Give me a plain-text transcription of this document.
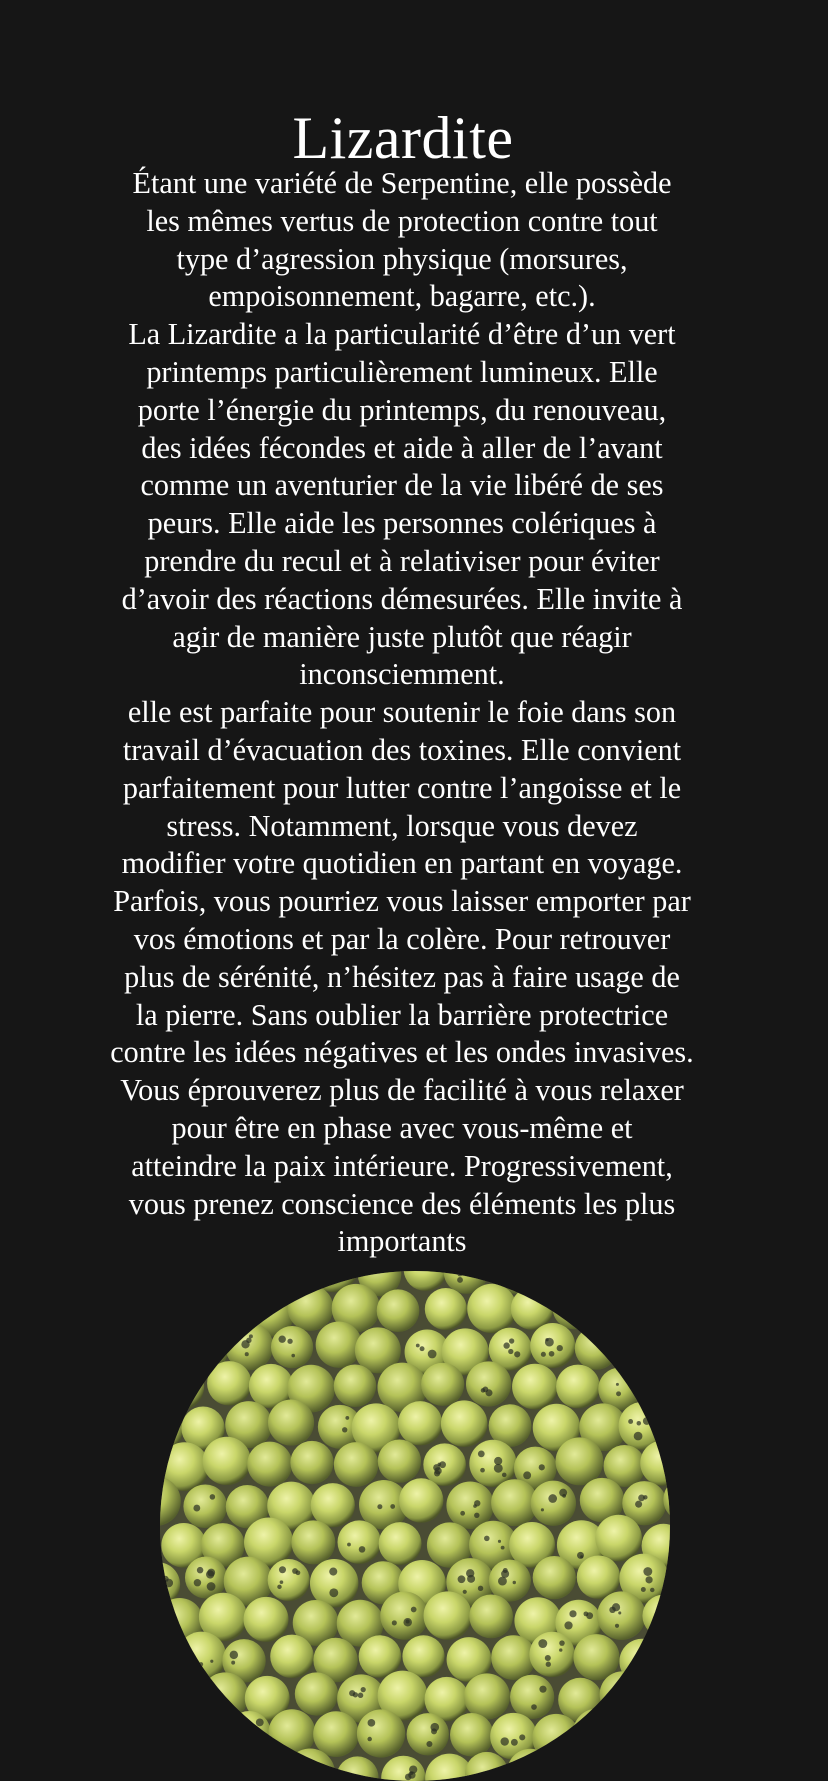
Lizardite
Étant une variété de Serpentine, elle possède
les mêmes vertus de protection contre tout
type d’agression physique (morsures,
empoisonnement, bagarre, etc.).
La Lizardite a la particularité d’être d’un vert
printemps particulièrement lumineux. Elle
porte l’énergie du printemps, du renouveau,
des idées fécondes et aide à aller de l’avant
comme un aventurier de la vie libéré de ses
peurs. Elle aide les personnes colériques à
prendre du recul et à relativiser pour éviter
d’avoir des réactions démesurées. Elle invite à
agir de manière juste plutôt que réagir
inconsciemment.
elle est parfaite pour soutenir le foie dans son
travail d’évacuation des toxines. Elle convient
parfaitement pour lutter contre l’angoisse et le
stress. Notamment, lorsque vous devez
modifier votre quotidien en partant en voyage.
Parfois, vous pourriez vous laisser emporter par
vos émotions et par la colère. Pour retrouver
plus de sérénité, n’hésitez pas à faire usage de
la pierre. Sans oublier la barrière protectrice
contre les idées négatives et les ondes invasives.
Vous éprouverez plus de facilité à vous relaxer
pour être en phase avec vous-même et
atteindre la paix intérieure. Progressivement,
vous prenez conscience des éléments les plus
importants
